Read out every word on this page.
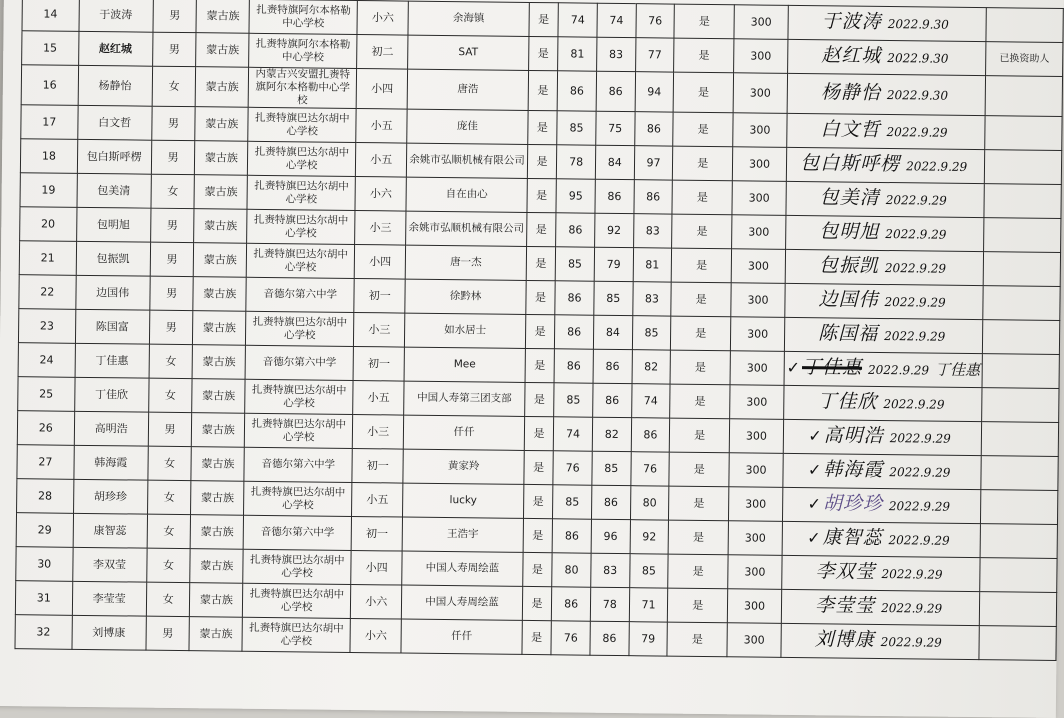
14	于波涛	男	蒙古族	扎赉特旗阿尔本格勒中心学校	小六	余海镇	是	74	74	76	是	300	于波涛 2022.9.30	
15	赵红城	男	蒙古族	扎赉特旗阿尔本格勒中心学校	初二	SAT	是	81	83	77	是	300	赵红城 2022.9.30	已换资助人
16	杨静怡	女	蒙古族	内蒙古兴安盟扎赉特旗阿尔本格勒中心学校	小四	唐浩	是	86	86	94	是	300	杨静怡 2022.9.30	
17	白文哲	男	蒙古族	扎赉特旗巴达尔胡中心学校	小五	庞佳	是	85	75	86	是	300	白文哲 2022.9.29	
18	包白斯呼楞	男	蒙古族	扎赉特旗巴达尔胡中心学校	小五	余姚市弘顺机械有限公司	是	78	84	97	是	300	包白斯呼楞 2022.9.29	
19	包美清	女	蒙古族	扎赉特旗巴达尔胡中心学校	小六	自在由心	是	95	86	86	是	300	包美清 2022.9.29	
20	包明旭	男	蒙古族	扎赉特旗巴达尔胡中心学校	小三	余姚市弘顺机械有限公司	是	86	92	83	是	300	包明旭 2022.9.29	
21	包振凯	男	蒙古族	扎赉特旗巴达尔胡中心学校	小四	唐一杰	是	85	79	81	是	300	包振凯 2022.9.29	
22	边国伟	男	蒙古族	音德尔第六中学	初一	徐黔林	是	86	85	83	是	300	边国伟 2022.9.29	
23	陈国富	男	蒙古族	扎赉特旗巴达尔胡中心学校	小三	如水居士	是	86	84	85	是	300	陈国福 2022.9.29	
24	丁佳惠	女	蒙古族	音德尔第六中学	初一	Mee	是	86	86	82	是	300	✓丁佳惠 2022.9.29 丁佳惠	
25	丁佳欣	女	蒙古族	扎赉特旗巴达尔胡中心学校	小五	中国人寿第三团支部	是	85	86	74	是	300	丁佳欣 2022.9.29	
26	高明浩	男	蒙古族	扎赉特旗巴达尔胡中心学校	小三	仟仟	是	74	82	86	是	300	✓高明浩 2022.9.29	
27	韩海霞	女	蒙古族	音德尔第六中学	初一	黄家羚	是	76	85	76	是	300	✓韩海霞 2022.9.29	
28	胡珍珍	女	蒙古族	扎赉特旗巴达尔胡中心学校	小五	lucky	是	85	86	80	是	300	✓胡珍珍 2022.9.29	
29	康智蕊	女	蒙古族	音德尔第六中学	初一	王浩宇	是	86	96	92	是	300	✓康智蕊 2022.9.29	
30	李双莹	女	蒙古族	扎赉特旗巴达尔胡中心学校	小四	中国人寿周绘蓝	是	80	83	85	是	300	李双莹 2022.9.29	
31	李莹莹	女	蒙古族	扎赉特旗巴达尔胡中心学校	小六	中国人寿周绘蓝	是	86	78	71	是	300	李莹莹 2022.9.29	
32	刘博康	男	蒙古族	扎赉特旗巴达尔胡中心学校	小六	仟仟	是	76	86	79	是	300	刘博康 2022.9.29	
